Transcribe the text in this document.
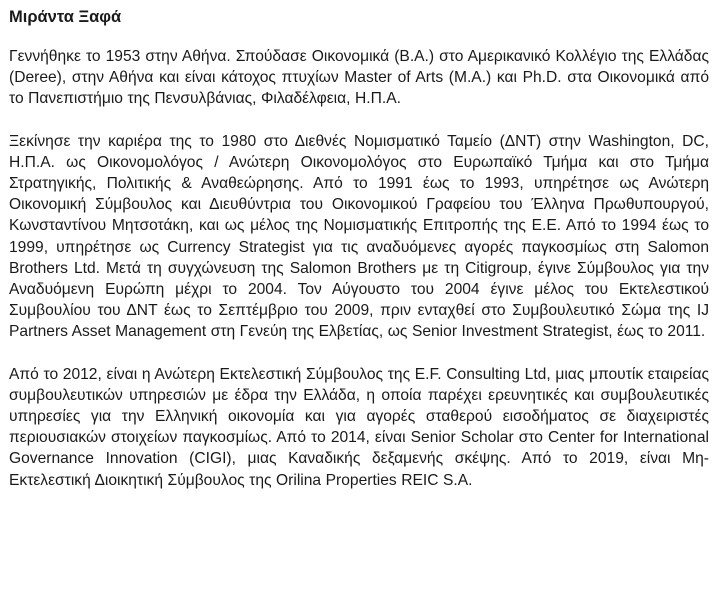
Μιράντα Ξαφά

Γεννήθηκε το 1953 στην Αθήνα. Σπούδασε Οικονομικά (B.A.) στο Αμερικανικό Κολλέγιο της Ελλάδας (Deree), στην Αθήνα και είναι κάτοχος πτυχίων Master of Arts (M.A.) και Ph.D. στα Οικονομικά από το Πανεπιστήμιο της Πενσυλβάνιας, Φιλαδέλφεια, Η.Π.Α.

Ξεκίνησε την καριέρα της το 1980 στο Διεθνές Νομισματικό Ταμείο (ΔΝΤ) στην Washington, DC, Η.Π.Α. ως Οικονομολόγος / Ανώτερη Οικονομολόγος στο Ευρωπαϊκό Τμήμα και στο Τμήμα Στρατηγικής, Πολιτικής & Αναθεώρησης. Από το 1991 έως το 1993, υπηρέτησε ως Ανώτερη Οικονομική Σύμβουλος και Διευθύντρια του Οικονομικού Γραφείου του Έλληνα Πρωθυπουργού, Κωνσταντίνου Μητσοτάκη, και ως μέλος της Νομισματικής Επιτροπής της Ε.Ε. Από το 1994 έως το 1999, υπηρέτησε ως Currency Strategist για τις αναδυόμενες αγορές παγκοσμίως στη Salomon Brothers Ltd. Μετά τη συγχώνευση της Salomon Brothers με τη Citigroup, έγινε Σύμβουλος για την Αναδυόμενη Ευρώπη μέχρι το 2004. Τον Αύγουστο του 2004 έγινε μέλος του Εκτελεστικού Συμβουλίου του ΔΝΤ έως το Σεπτέμβριο του 2009, πριν ενταχθεί στο Συμβουλευτικό Σώμα της IJ Partners Asset Management στη Γενεύη της Ελβετίας, ως Senior Investment Strategist, έως το 2011.

Από το 2012, είναι η Ανώτερη Εκτελεστική Σύμβουλος της E.F. Consulting Ltd, μιας μπουτίκ εταιρείας συμβουλευτικών υπηρεσιών με έδρα την Ελλάδα, η οποία παρέχει ερευνητικές και συμβουλευτικές υπηρεσίες για την Ελληνική οικονομία και για αγορές σταθερού εισοδήματος σε διαχειριστές περιουσιακών στοιχείων παγκοσμίως. Από το 2014, είναι Senior Scholar στο Center for International Governance Innovation (CIGI), μιας Καναδικής δεξαμενής σκέψης. Από το 2019, είναι Μη-Εκτελεστική Διοικητική Σύμβουλος της Orilina Properties REIC S.A.
